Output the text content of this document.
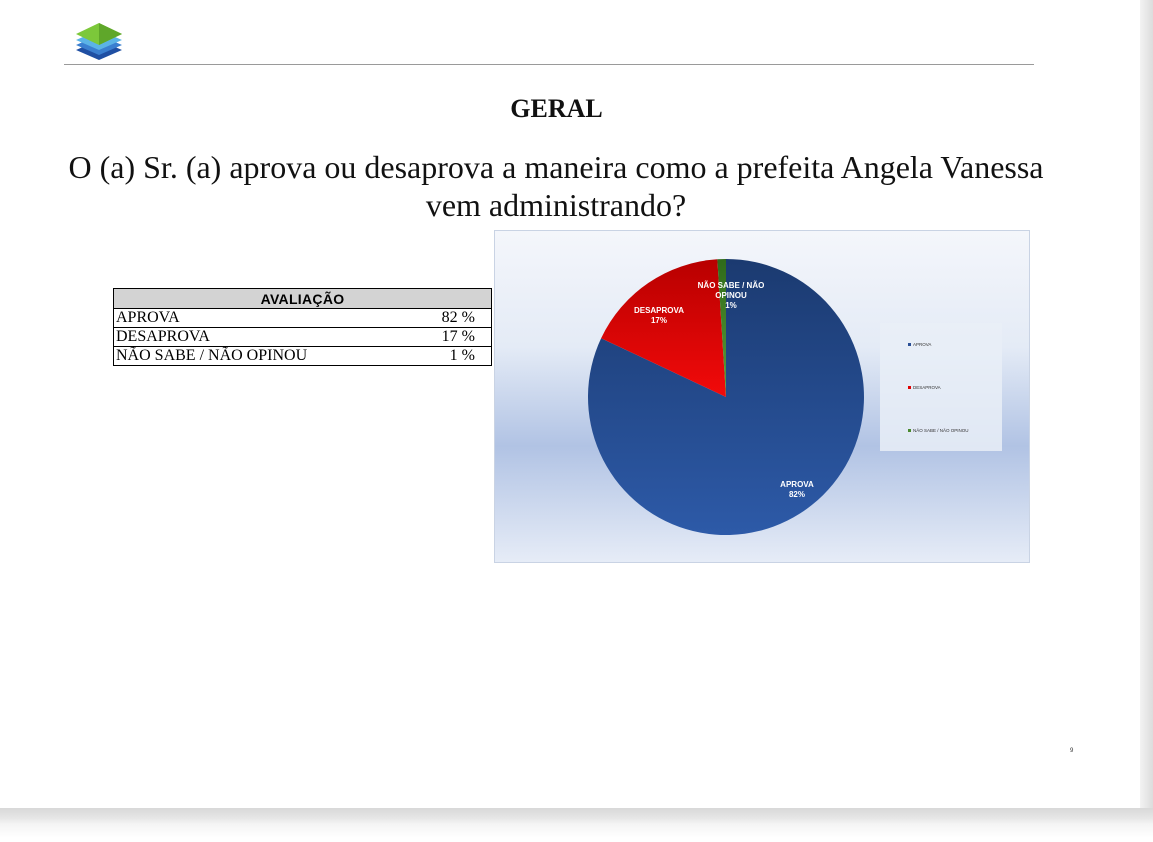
GERAL
O (a) Sr. (a) aprova ou desaprova a maneira como a prefeita Angela Vanessa vem administrando?
AVALIAÇÃO	
APROVA	82 %
DESAPROVA	17 %
NÃO SABE / NÃO OPINOU	1 %
APROVA 82%
DESAPROVA 17%
NÃO SABE / NÃO OPINOU 1%
APROVA
DESAPROVA
NÃO SABE / NÃO OPINOU
9
